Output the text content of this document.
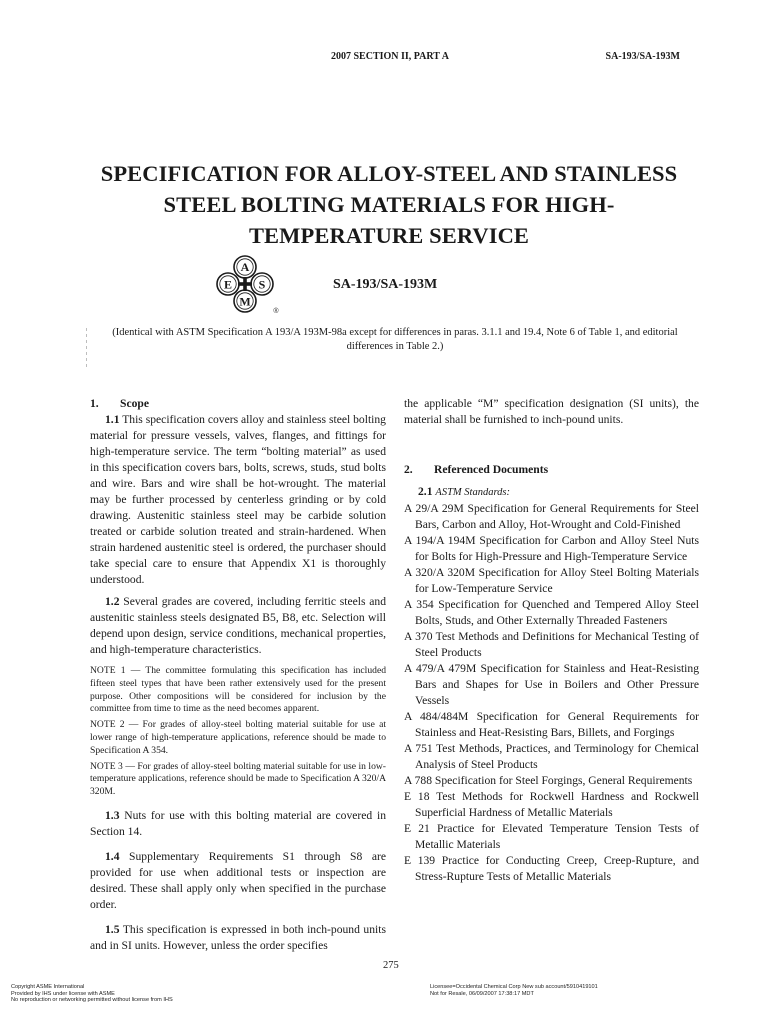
2007 SECTION II, PART A	SA-193/SA-193M
SPECIFICATION FOR ALLOY-STEEL AND STAINLESS
STEEL BOLTING MATERIALS FOR HIGH-
TEMPERATURE SERVICE
A
E S
M
®
SA-193/SA-193M
(Identical with ASTM Specification A 193/A 193M-98a except for differences in paras. 3.1.1 and 19.4, Note 6 of Table 1, and editorial differences in Table 2.)

1. Scope

1.1 This specification covers alloy and stainless steel bolting material for pressure vessels, valves, flanges, and fittings for high-temperature service. The term “bolting material” as used in this specification covers bars, bolts, screws, studs, stud bolts and wire. Bars and wire shall be hot-wrought. The material may be further processed by centerless grinding or by cold drawing. Austenitic stainless steel may be carbide solution treated or carbide solution treated and strain-hardened. When strain hardened austenitic steel is ordered, the purchaser should take special care to ensure that Appendix X1 is thoroughly understood.

1.2 Several grades are covered, including ferritic steels and austenitic stainless steels designated B5, B8, etc. Selection will depend upon design, service conditions, mechanical properties, and high-temperature characteristics.

NOTE 1 — The committee formulating this specification has included fifteen steel types that have been rather extensively used for the present purpose. Other compositions will be considered for inclusion by the committee from time to time as the need becomes apparent.

NOTE 2 — For grades of alloy-steel bolting material suitable for use at lower range of high-temperature applications, reference should be made to Specification A 354.

NOTE 3 — For grades of alloy-steel bolting material suitable for use in low-temperature applications, reference should be made to Specification A 320/A 320M.

1.3 Nuts for use with this bolting material are covered in Section 14.

1.4 Supplementary Requirements S1 through S8 are provided for use when additional tests or inspection are desired. These shall apply only when specified in the purchase order.

1.5 This specification is expressed in both inch-pound units and in SI units. However, unless the order specifies

the applicable “M” specification designation (SI units), the material shall be furnished to inch-pound units.

2. Referenced Documents

2.1 ASTM Standards:

A 29/A 29M Specification for General Requirements for Steel Bars, Carbon and Alloy, Hot-Wrought and Cold-Finished

A 194/A 194M Specification for Carbon and Alloy Steel Nuts for Bolts for High-Pressure and High-Temperature Service

A 320/A 320M Specification for Alloy Steel Bolting Materials for Low-Temperature Service

A 354 Specification for Quenched and Tempered Alloy Steel Bolts, Studs, and Other Externally Threaded Fasteners

A 370 Test Methods and Definitions for Mechanical Testing of Steel Products

A 479/A 479M Specification for Stainless and Heat-Resisting Bars and Shapes for Use in Boilers and Other Pressure Vessels

A 484/484M Specification for General Requirements for Stainless and Heat-Resisting Bars, Billets, and Forgings

A 751 Test Methods, Practices, and Terminology for Chemical Analysis of Steel Products

A 788 Specification for Steel Forgings, General Requirements

E 18 Test Methods for Rockwell Hardness and Rockwell Superficial Hardness of Metallic Materials

E 21 Practice for Elevated Temperature Tension Tests of Metallic Materials

E 139 Practice for Conducting Creep, Creep-Rupture, and Stress-Rupture Tests of Metallic Materials

275
Copyright ASME International
Provided by IHS under license with ASME
No reproduction or networking permitted without license from IHS
Licensee=Occidental Chemical Corp New sub account/5910419101
Not for Resale, 06/09/2007 17:38:17 MDT
